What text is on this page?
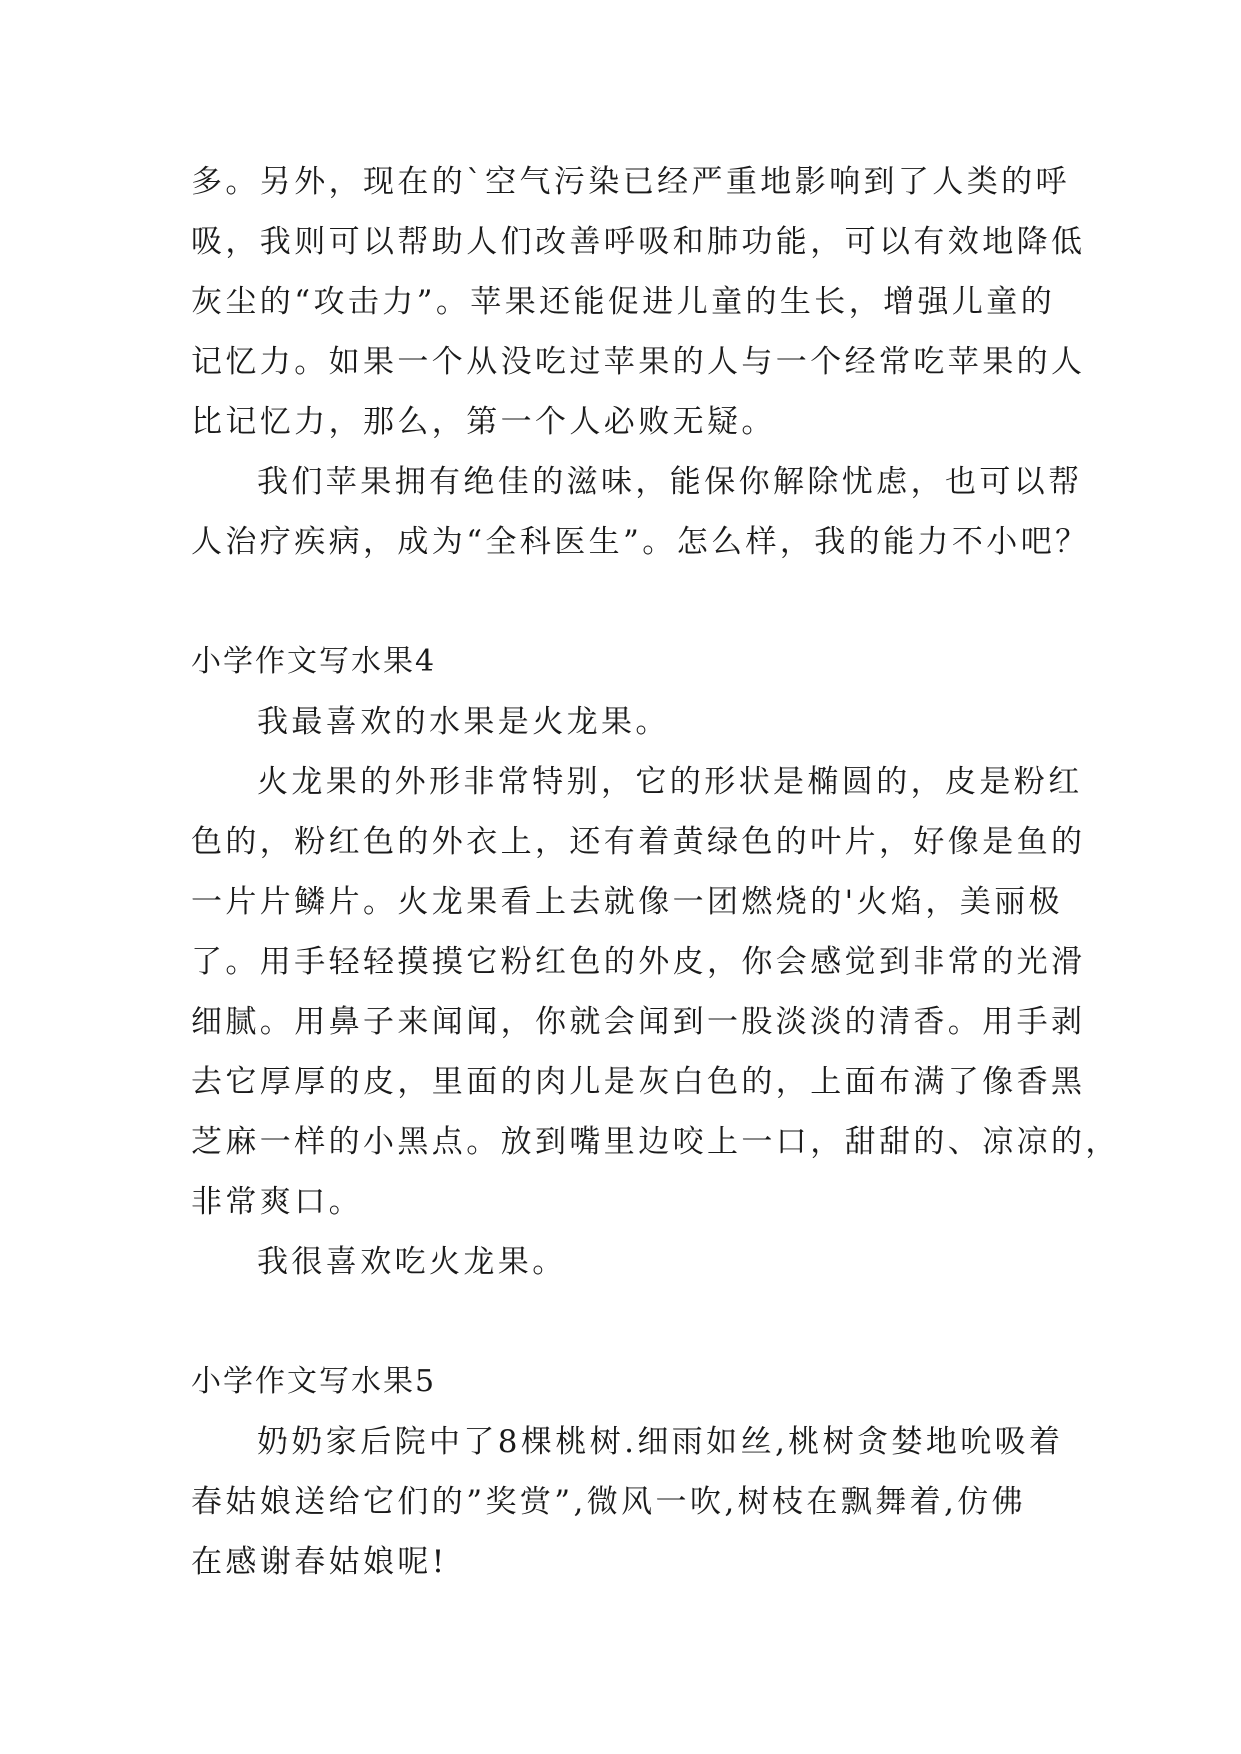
多。另外，现在的`空气污染已经严重地影响到了人类的呼
吸，我则可以帮助人们改善呼吸和肺功能，可以有效地降低
灰尘的“攻击力”。苹果还能促进儿童的生长，增强儿童的
记忆力。如果一个从没吃过苹果的人与一个经常吃苹果的人
比记忆力，那么，第一个人必败无疑。
我们苹果拥有绝佳的滋味，能保你解除忧虑，也可以帮
人治疗疾病，成为“全科医生”。怎么样，我的能力不小吧？
小学作文写水果4
我最喜欢的水果是火龙果。
火龙果的外形非常特别，它的形状是椭圆的，皮是粉红
色的，粉红色的外衣上，还有着黄绿色的叶片，好像是鱼的
一片片鳞片。火龙果看上去就像一团燃烧的'火焰，美丽极
了。用手轻轻摸摸它粉红色的外皮，你会感觉到非常的光滑
细腻。用鼻子来闻闻，你就会闻到一股淡淡的清香。用手剥
去它厚厚的皮，里面的肉儿是灰白色的，上面布满了像香黑
芝麻一样的小黑点。放到嘴里边咬上一口，甜甜的、凉凉的，
非常爽口。
我很喜欢吃火龙果。
小学作文写水果5
奶奶家后院中了8棵桃树.细雨如丝,桃树贪婪地吮吸着
春姑娘送给它们的”奖赏”,微风一吹,树枝在飘舞着,仿佛
在感谢春姑娘呢!
